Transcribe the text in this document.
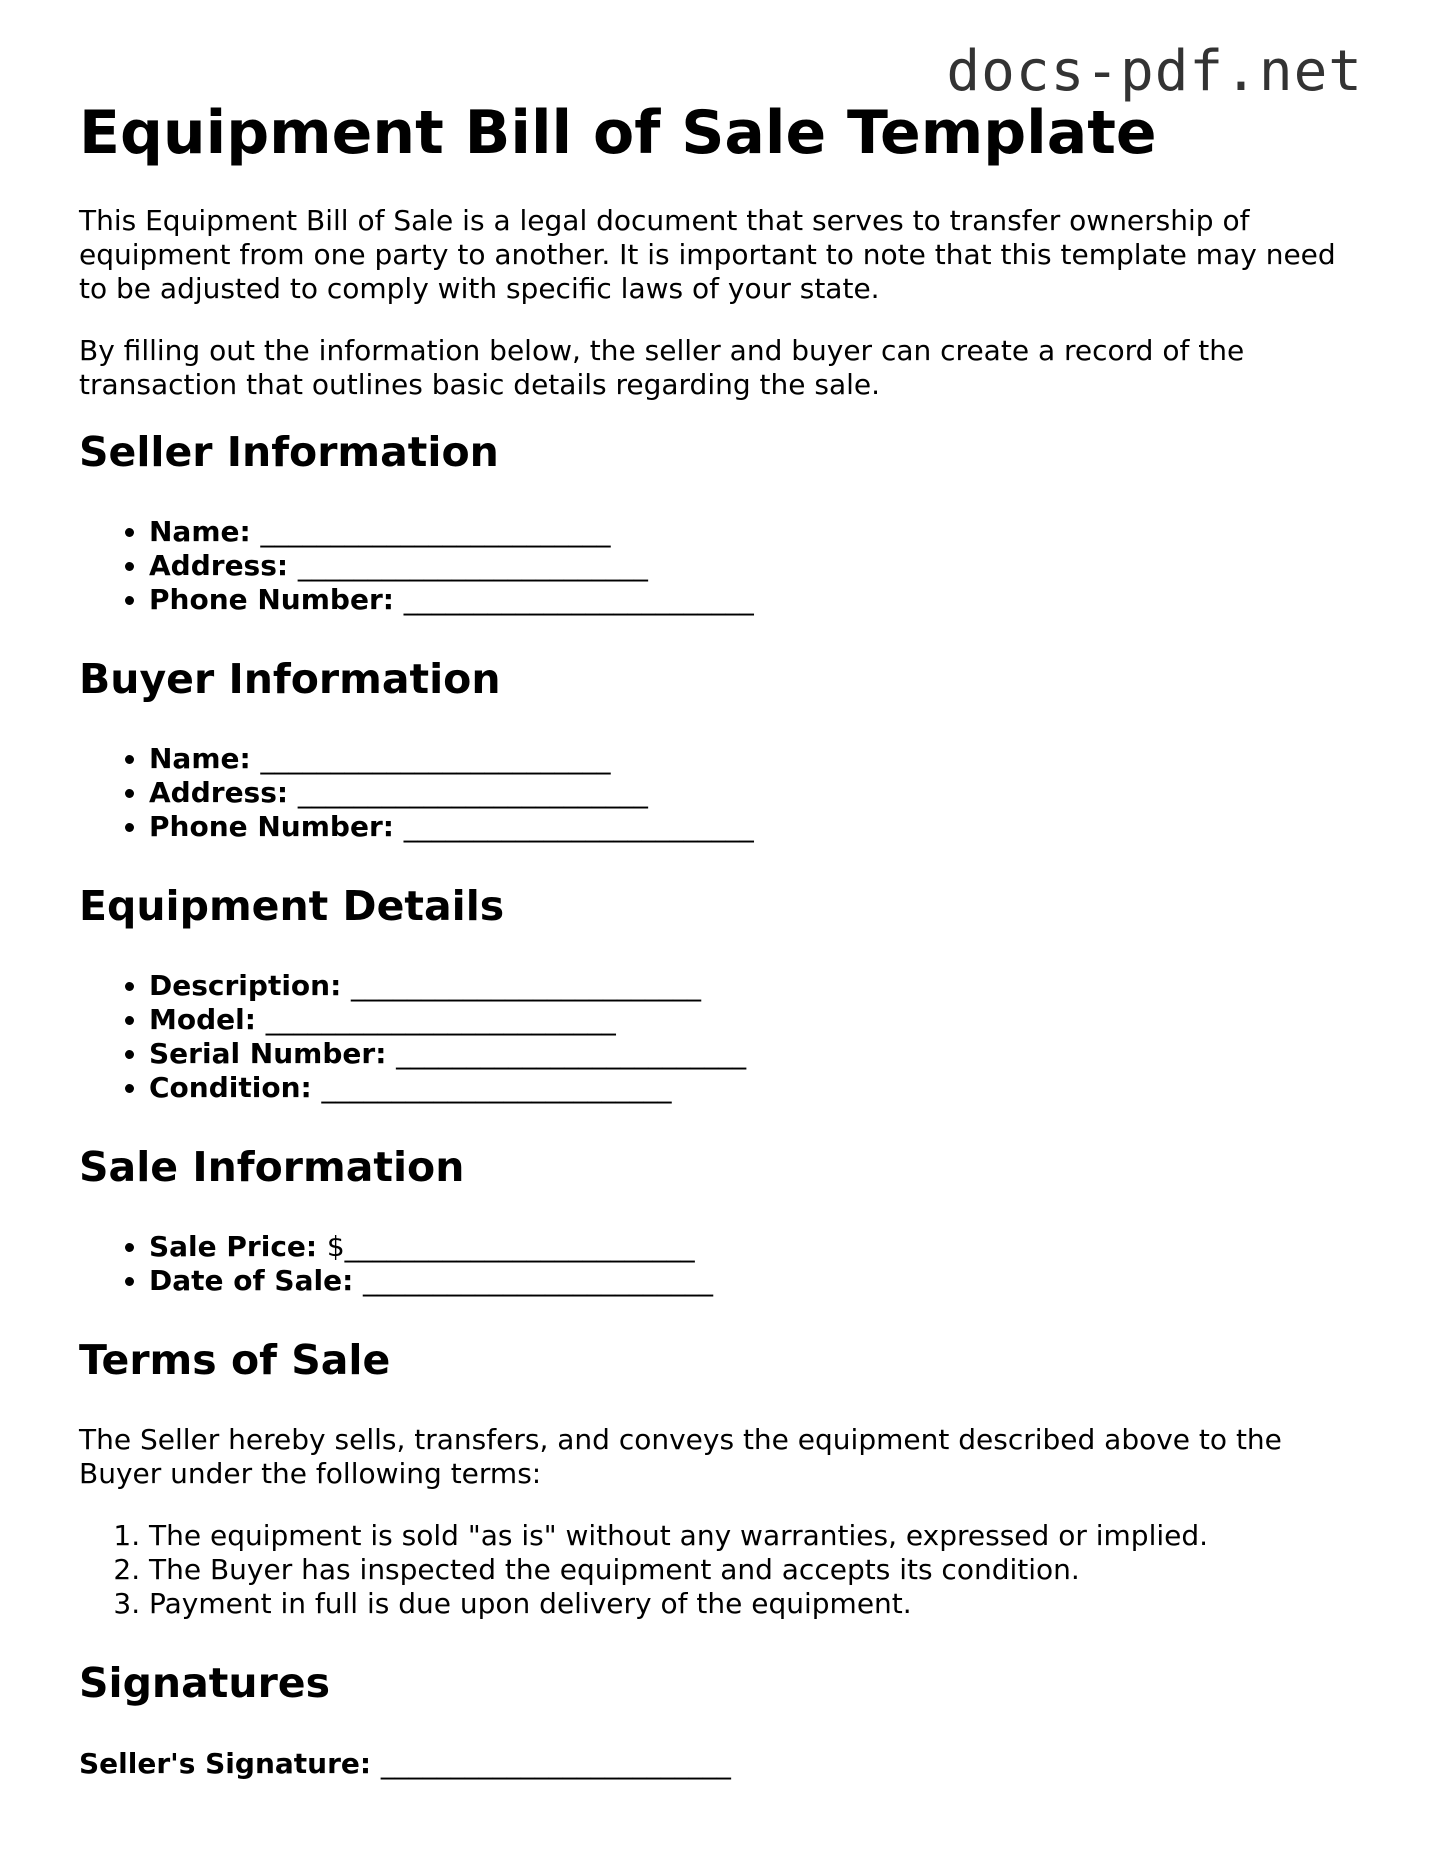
docs-pdf.net
Equipment Bill of Sale Template

This Equipment Bill of Sale is a legal document that serves to transfer ownership of equipment from one party to another. It is important to note that this template may need to be adjusted to comply with specific laws of your state.

By filling out the information below, the seller and buyer can create a record of the transaction that outlines basic details regarding the sale.

Seller Information
• Name: _________________________
• Address: _________________________
• Phone Number: _________________________
Buyer Information
• Name: _________________________
• Address: _________________________
• Phone Number: _________________________
Equipment Details
• Description: _________________________
• Model: _________________________
• Serial Number: _________________________
• Condition: _________________________
Sale Information
• Sale Price: $_________________________
• Date of Sale: _________________________
Terms of Sale

The Seller hereby sells, transfers, and conveys the equipment described above to the Buyer under the following terms:

1. The equipment is sold "as is" without any warranties, expressed or implied.
2. The Buyer has inspected the equipment and accepts its condition.
3. Payment in full is due upon delivery of the equipment.
Signatures
Seller's Signature: _________________________
